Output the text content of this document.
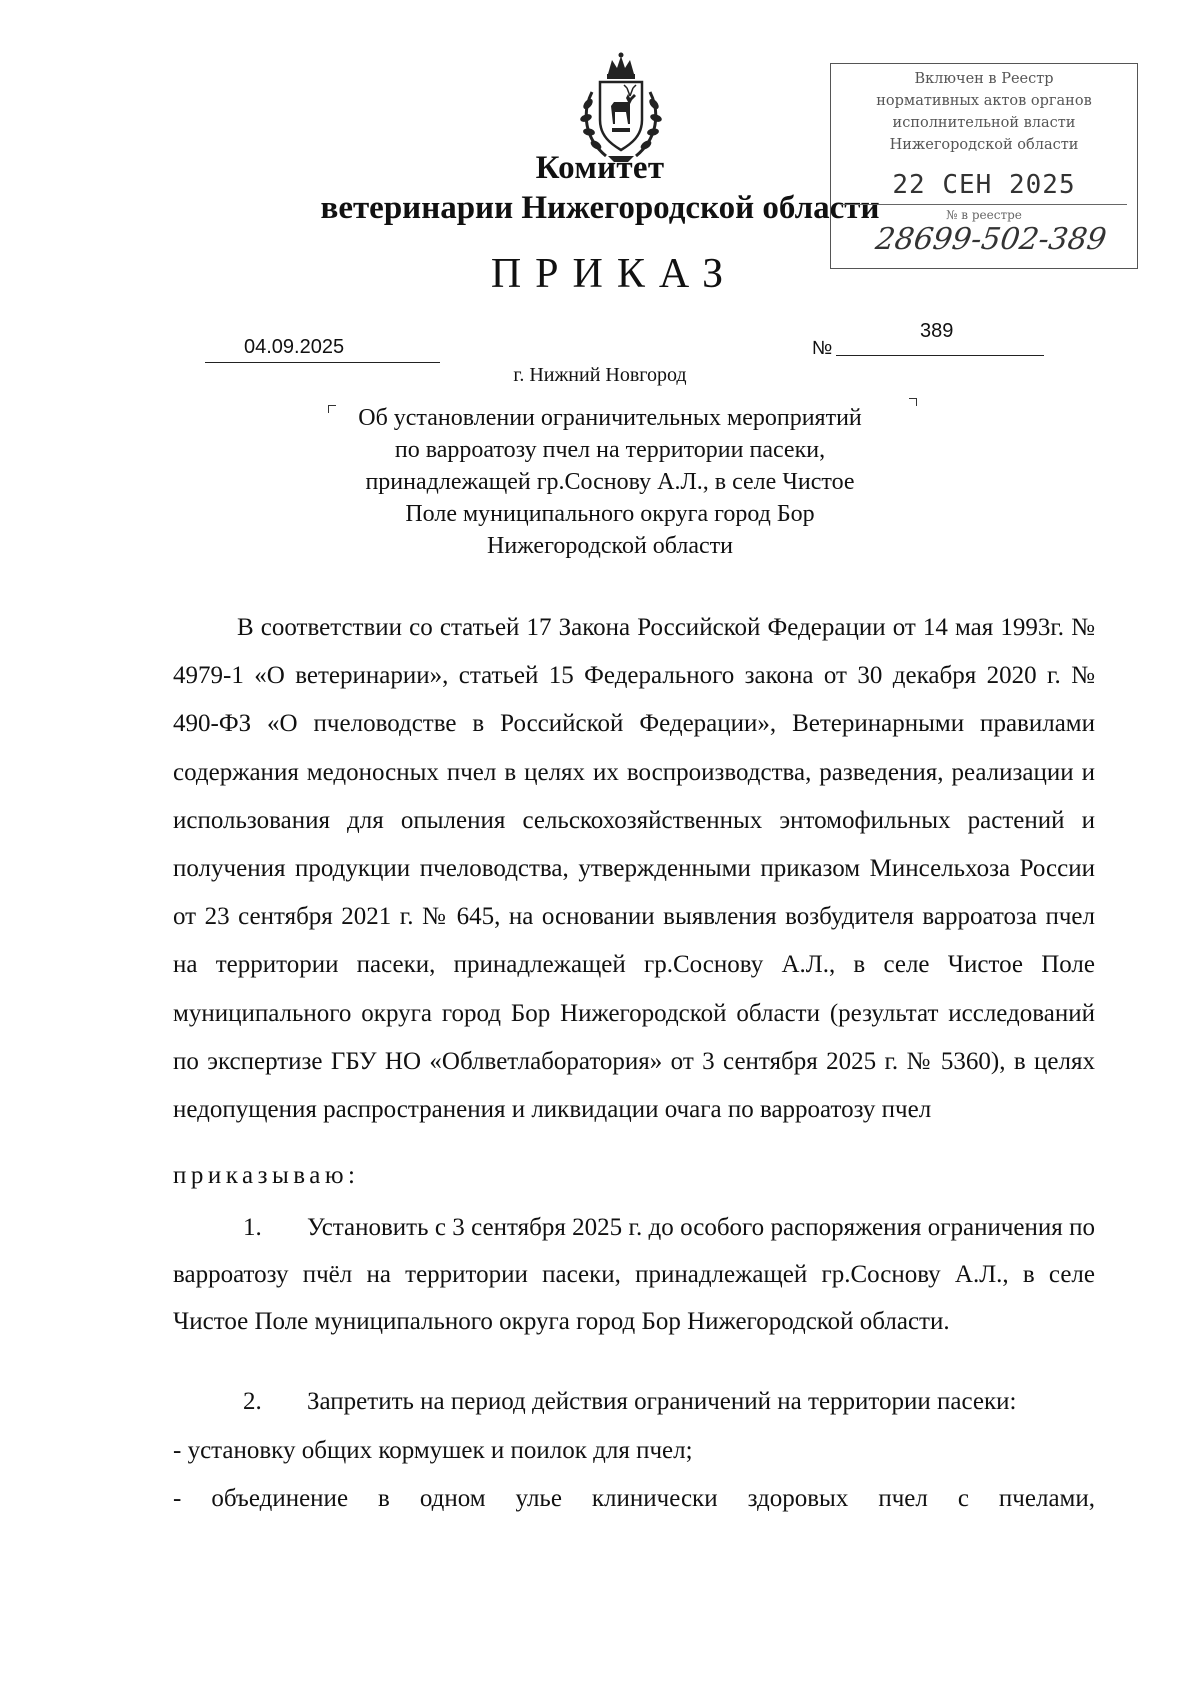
Комитет
ветеринарии Нижегородской области
ПРИКАЗ
Включен в Реестр
нормативных актов органов
исполнительной власти
Нижегородской области
22 СЕН 2025
№ в реестре
28699-502-389
04.09.2025	№
389
г. Нижний Новгород
Об установлении ограничительных мероприятий
по варроатозу пчел на территории пасеки,
принадлежащей гр.Соснову А.Л., в селе Чистое
Поле муниципального округа город Бор
Нижегородской области
В соответствии со статьей 17 Закона Российской Федерации от 14 мая 1993г. № 4979-1 «О ветеринарии», статьей 15 Федерального закона от 30 декабря 2020 г. № 490-ФЗ «О пчеловодстве в Российской Федерации», Ветеринарными правилами содержания медоносных пчел в целях их воспроизводства, разведения, реализации и использования для опыления сельскохозяйственных энтомофильных растений и получения продукции пчеловодства, утвержденными приказом Минсельхоза России от 23 сентября 2021 г. № 645, на основании выявления возбудителя варроатоза пчел на территории пасеки, принадлежащей гр.Соснову А.Л., в селе Чистое Поле муниципального округа город Бор Нижегородской области (результат исследований по экспертизе ГБУ НО «Облветлаборатория» от 3 сентября 2025 г. № 5360), в целях недопущения распространения и ликвидации очага по варроатозу пчел
приказываю:
1. Установить с 3 сентября 2025 г. до особого распоряжения ограничения по варроатозу пчёл на территории пасеки, принадлежащей гр.Соснову А.Л., в селе Чистое Поле муниципального округа город Бор Нижегородской области.
2. Запретить на период действия ограничений на территории пасеки:
- установку общих кормушек и поилок для пчел;
- объединение в одном улье клинически здоровых пчел с пчелами,
